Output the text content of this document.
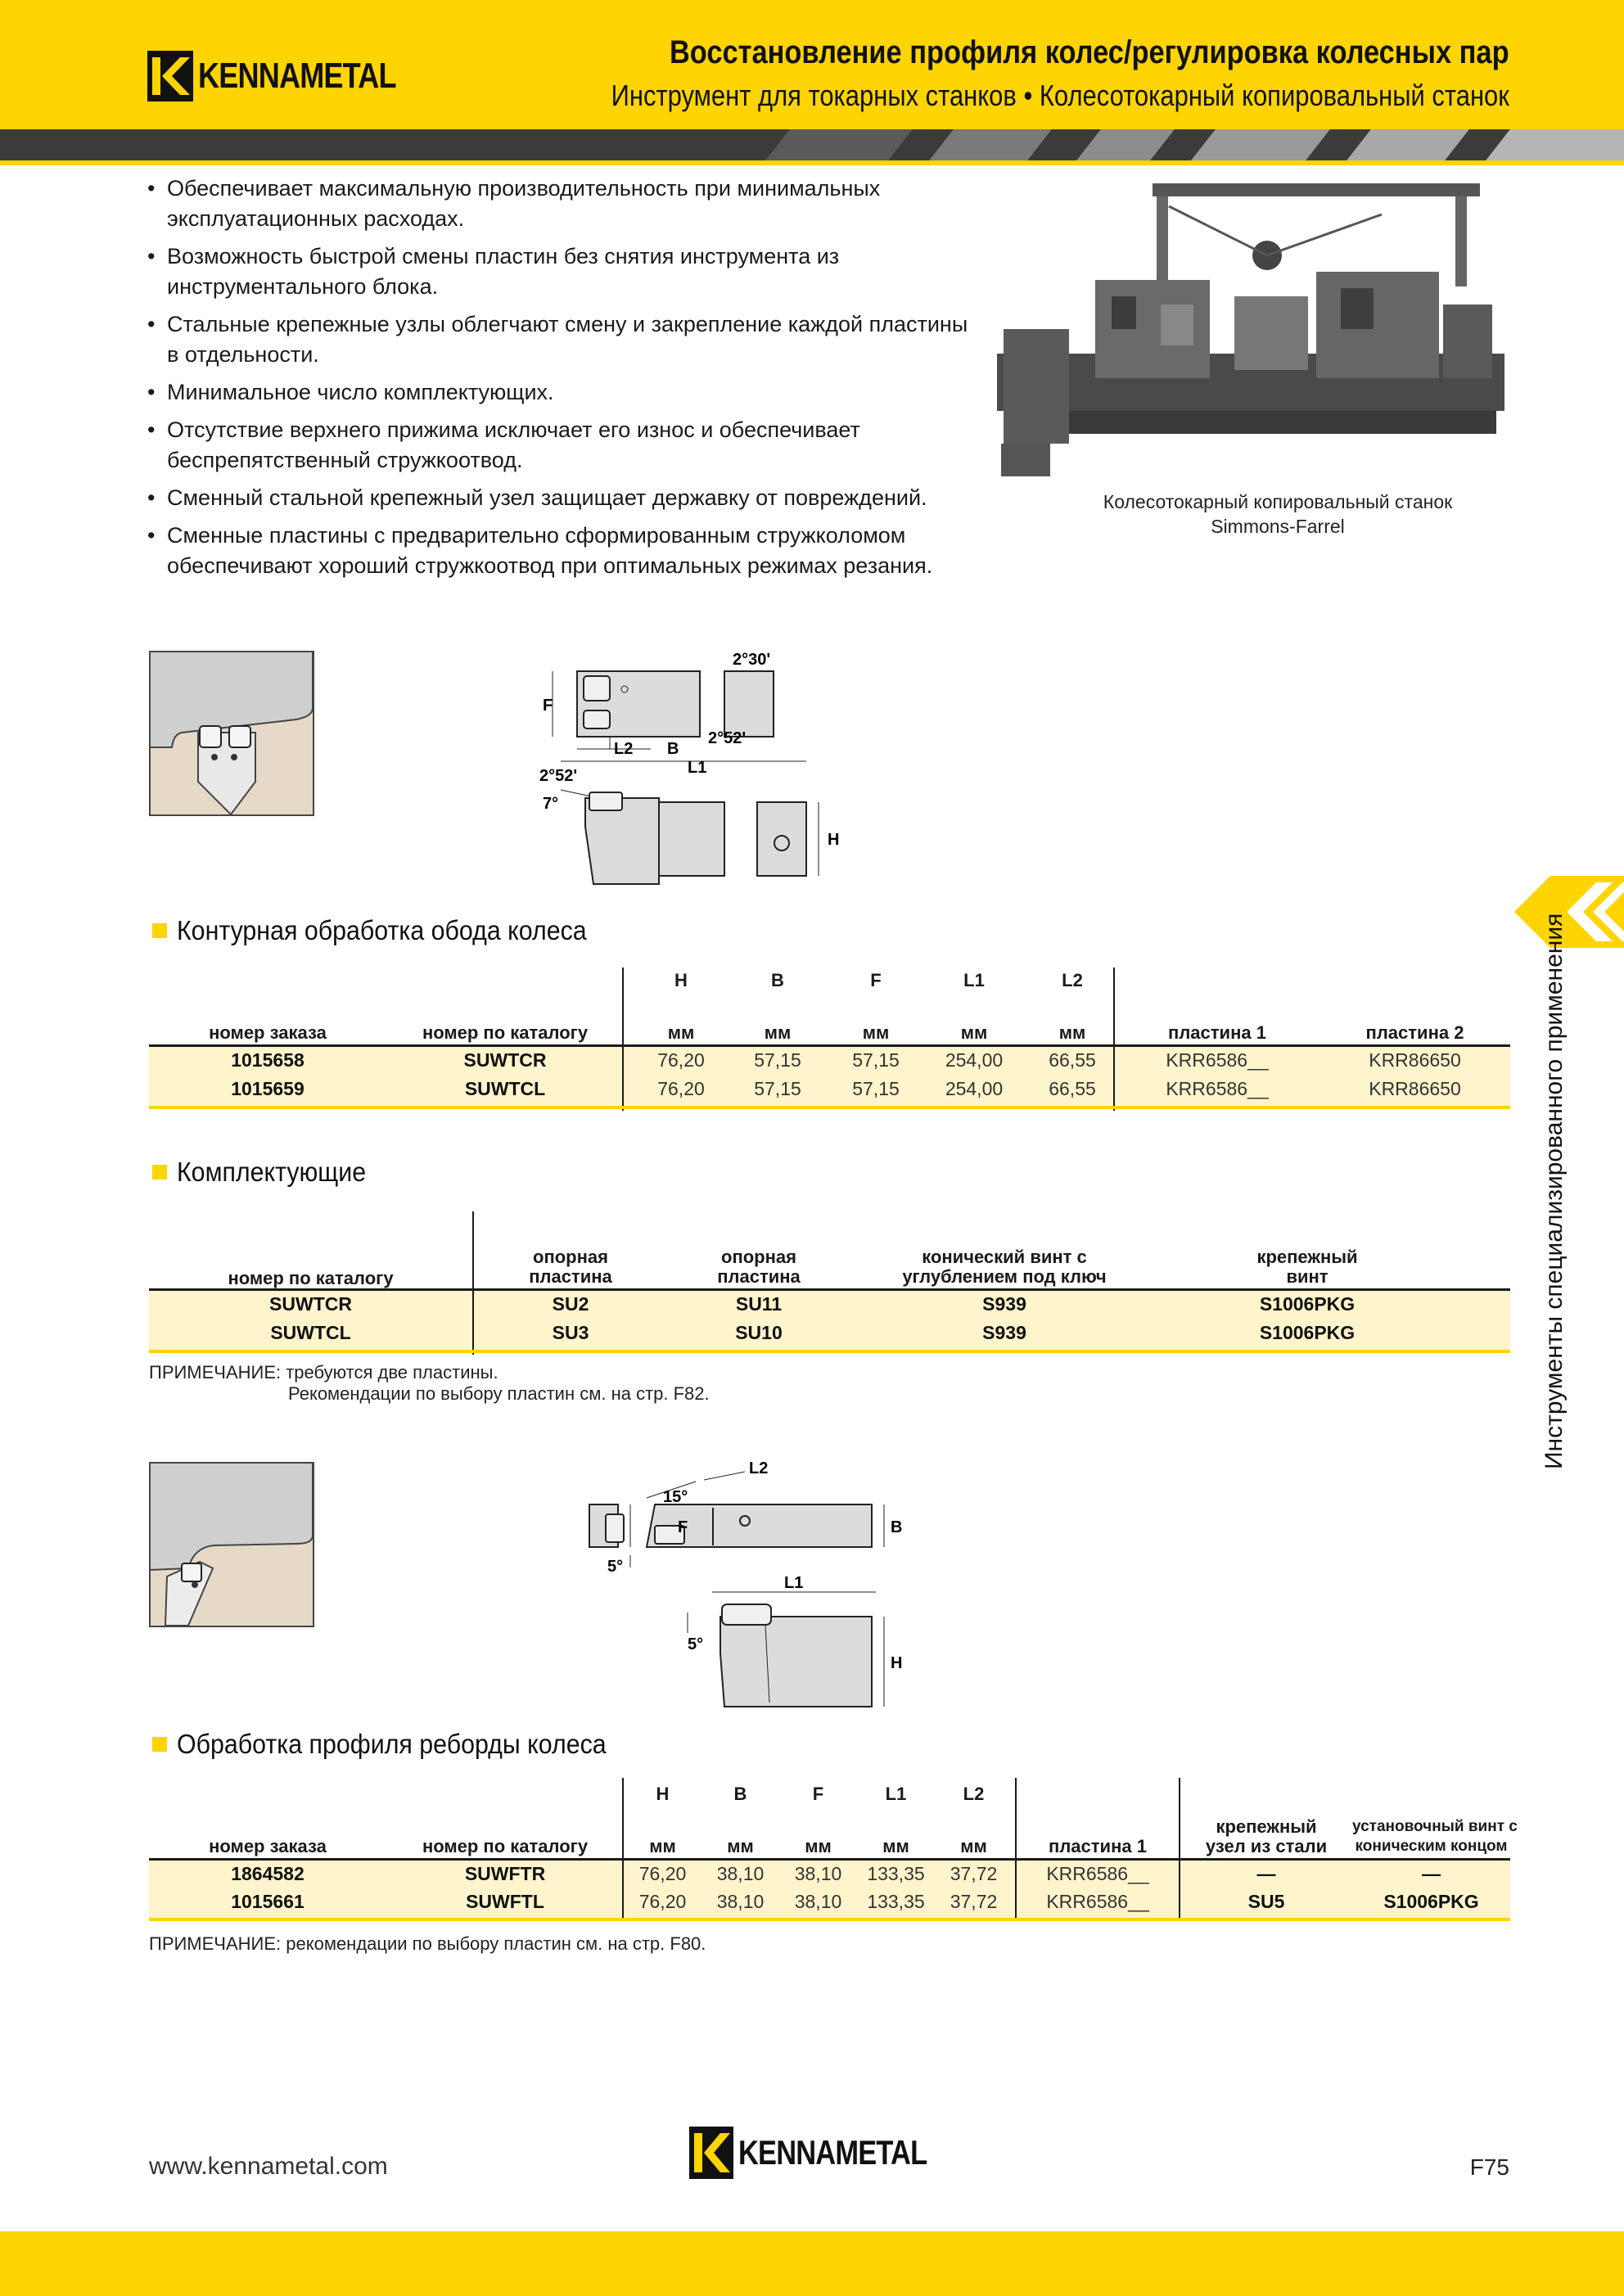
KENNAMETAL
Восстановление профиля колес/регулировка колесных пар
Инструмент для токарных станков • Колесотокарный копировальный станок
• Обеспечивает максимальную производительность при минимальных эксплуатационных расходах.
• Возможность быстрой смены пластин без снятия инструмента из инструментального блока.
• Стальные крепежные узлы облегчают смену и закрепление каждой пластины в отдельности.
• Минимальное число комплектующих.
• Отсутствие верхнего прижима исключает его износ и обеспечивает беспрепятственный стружкоотвод.
• Сменный стальной крепежный узел защищает державку от повреждений.
• Сменные пластины с предварительно сформированным стружколомом обеспечивают хороший стружкоотвод при оптимальных режимах резания.
Колесотокарный копировальный станок
Simmons-Farrel
2°30'
F
L2 B
2°52'
L1
2°52'
7°
H
Контурная обработка обода колеса
H	B	F	L1	L2
номер заказа	номер по каталогу	мм	мм	мм	мм	мм	пластина 1	пластина 2
1015658	SUWTCR	76,20	57,15	57,15	254,00	66,55	KRR6586__	KRR86650
1015659	SUWTCL	76,20	57,15	57,15	254,00	66,55	KRR6586__	KRR86650
Комплектующие
номер по каталогу
опорная
пластина
опорная
пластина
конический винт с
углублением под ключ
крепежный
винт
SUWTCR	SU2	SU11	S939	S1006PKG
SUWTCL	SU3	SU10	S939	S1006PKG
ПРИМЕЧАНИЕ: требуются две пластины.
Рекомендации по выбору пластин см. на стр. F82.
15°
L2
F	B
5°
L1
5°
H
Обработка профиля реборды колеса
H	B	F	L1	L2
номер заказа	номер по каталогу	мм	мм	мм	мм	мм	пластина 1
крепежный
узел из стали
установочный винт с
коническим концом
1864582	SUWFTR	76,20	38,10	38,10	133,35	37,72	KRR6586__	—	—
1015661	SUWFTL	76,20	38,10	38,10	133,35	37,72	KRR6586__	SU5	S1006PKG
ПРИМЕЧАНИЕ: рекомендации по выбору пластин см. на стр. F80.
Инструменты специализированного применения
www.kennametal.com	KENNAMETAL	F75
